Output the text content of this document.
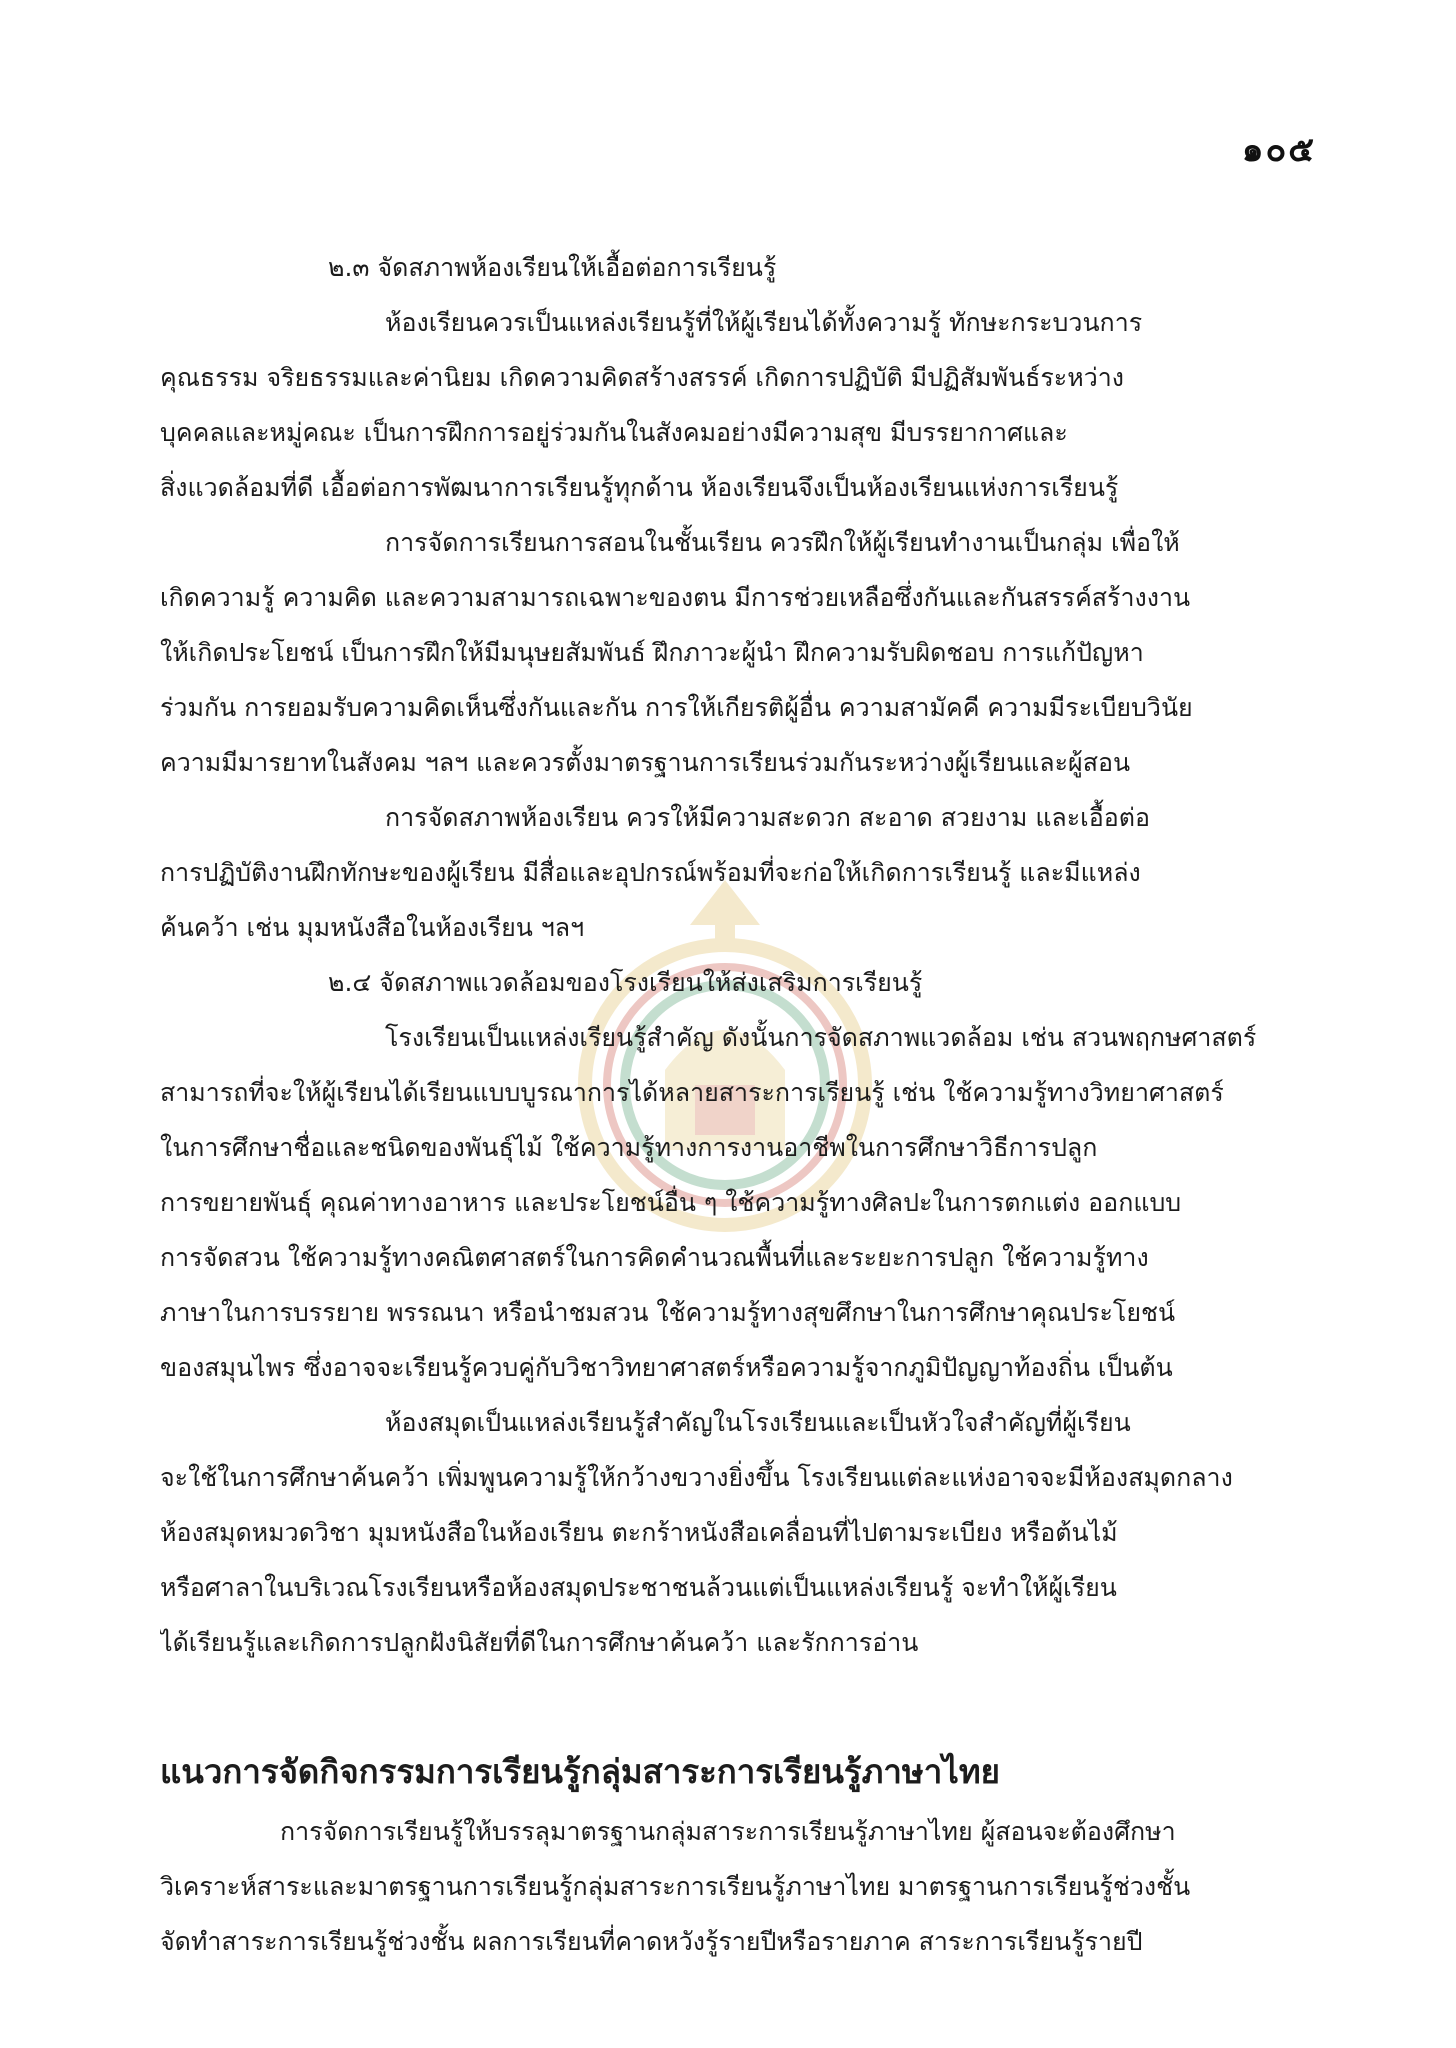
๑๐๕
๒.๓ จัดสภาพห้องเรียนให้เอื้อต่อการเรียนรู้
ห้องเรียนควรเป็นแหล่งเรียนรู้ที่ให้ผู้เรียนได้ทั้งความรู้ ทักษะกระบวนการ
คุณธรรม จริยธรรมและค่านิยม เกิดความคิดสร้างสรรค์ เกิดการปฏิบัติ มีปฏิสัมพันธ์ระหว่าง
บุคคลและหมู่คณะ เป็นการฝึกการอยู่ร่วมกันในสังคมอย่างมีความสุข มีบรรยากาศและ
สิ่งแวดล้อมที่ดี เอื้อต่อการพัฒนาการเรียนรู้ทุกด้าน ห้องเรียนจึงเป็นห้องเรียนแห่งการเรียนรู้
การจัดการเรียนการสอนในชั้นเรียน ควรฝึกให้ผู้เรียนทำงานเป็นกลุ่ม เพื่อให้
เกิดความรู้ ความคิด และความสามารถเฉพาะของตน มีการช่วยเหลือซึ่งกันและกันสรรค์สร้างงาน
ให้เกิดประโยชน์ เป็นการฝึกให้มีมนุษยสัมพันธ์ ฝึกภาวะผู้นำ ฝึกความรับผิดชอบ การแก้ปัญหา
ร่วมกัน การยอมรับความคิดเห็นซึ่งกันและกัน การให้เกียรติผู้อื่น ความสามัคคี ความมีระเบียบวินัย
ความมีมารยาทในสังคม ฯลฯ และควรตั้งมาตรฐานการเรียนร่วมกันระหว่างผู้เรียนและผู้สอน
การจัดสภาพห้องเรียน ควรให้มีความสะดวก สะอาด สวยงาม และเอื้อต่อ
การปฏิบัติงานฝึกทักษะของผู้เรียน มีสื่อและอุปกรณ์พร้อมที่จะก่อให้เกิดการเรียนรู้ และมีแหล่ง
ค้นคว้า เช่น มุมหนังสือในห้องเรียน ฯลฯ
๒.๔ จัดสภาพแวดล้อมของโรงเรียนให้ส่งเสริมการเรียนรู้
โรงเรียนเป็นแหล่งเรียนรู้สำคัญ ดังนั้นการจัดสภาพแวดล้อม เช่น สวนพฤกษศาสตร์
สามารถที่จะให้ผู้เรียนได้เรียนแบบบูรณาการได้หลายสาระการเรียนรู้ เช่น ใช้ความรู้ทางวิทยาศาสตร์
ในการศึกษาชื่อและชนิดของพันธุ์ไม้ ใช้ความรู้ทางการงานอาชีพในการศึกษาวิธีการปลูก
การขยายพันธุ์ คุณค่าทางอาหาร และประโยชน์อื่น ๆ ใช้ความรู้ทางศิลปะในการตกแต่ง ออกแบบ
การจัดสวน ใช้ความรู้ทางคณิตศาสตร์ในการคิดคำนวณพื้นที่และระยะการปลูก ใช้ความรู้ทาง
ภาษาในการบรรยาย พรรณนา หรือนำชมสวน ใช้ความรู้ทางสุขศึกษาในการศึกษาคุณประโยชน์
ของสมุนไพร ซึ่งอาจจะเรียนรู้ควบคู่กับวิชาวิทยาศาสตร์หรือความรู้จากภูมิปัญญาท้องถิ่น เป็นต้น
ห้องสมุดเป็นแหล่งเรียนรู้สำคัญในโรงเรียนและเป็นหัวใจสำคัญที่ผู้เรียน
จะใช้ในการศึกษาค้นคว้า เพิ่มพูนความรู้ให้กว้างขวางยิ่งขึ้น โรงเรียนแต่ละแห่งอาจจะมีห้องสมุดกลาง
ห้องสมุดหมวดวิชา มุมหนังสือในห้องเรียน ตะกร้าหนังสือเคลื่อนที่ไปตามระเบียง หรือต้นไม้
หรือศาลาในบริเวณโรงเรียนหรือห้องสมุดประชาชนล้วนแต่เป็นแหล่งเรียนรู้ จะทำให้ผู้เรียน
ได้เรียนรู้และเกิดการปลูกฝังนิสัยที่ดีในการศึกษาค้นคว้า และรักการอ่าน
แนวการจัดกิจกรรมการเรียนรู้กลุ่มสาระการเรียนรู้ภาษาไทย
การจัดการเรียนรู้ให้บรรลุมาตรฐานกลุ่มสาระการเรียนรู้ภาษาไทย ผู้สอนจะต้องศึกษา
วิเคราะห์สาระและมาตรฐานการเรียนรู้กลุ่มสาระการเรียนรู้ภาษาไทย มาตรฐานการเรียนรู้ช่วงชั้น
จัดทำสาระการเรียนรู้ช่วงชั้น ผลการเรียนที่คาดหวังรู้รายปีหรือรายภาค สาระการเรียนรู้รายปี
